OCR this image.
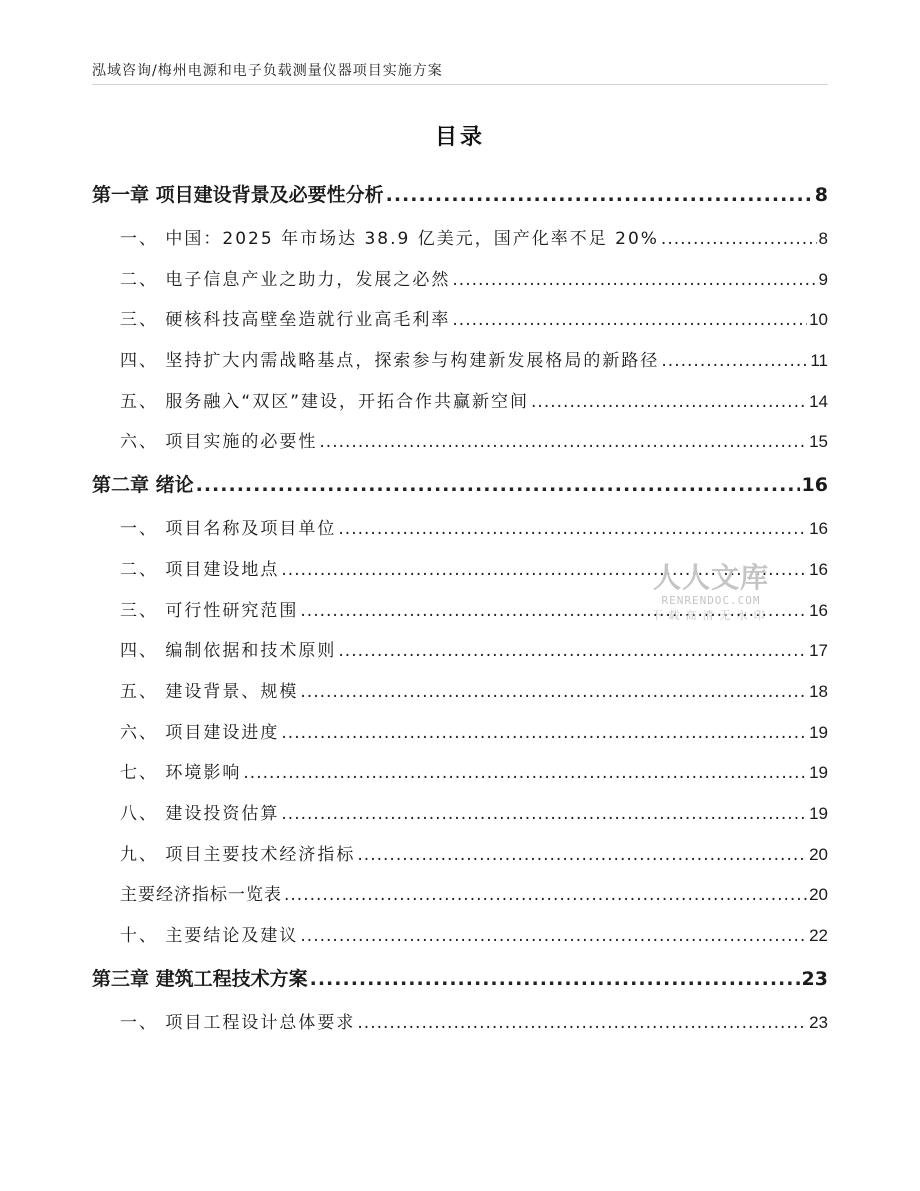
泓域咨询/梅州电源和电子负载测量仪器项目实施方案
目录
第一章 项目建设背景及必要性分析 .....	8
一、 中国：2025 年市场达 38.9 亿美元，国产化率不足 20% .....	8
二、 电子信息产业之助力，发展之必然 .....	9
三、 硬核科技高壁垒造就行业高毛利率 .....	10
四、 坚持扩大内需战略基点，探索参与构建新发展格局的新路径 .....	11
五、 服务融入“双区”建设，开拓合作共赢新空间 .....	14
六、 项目实施的必要性 .....	15
第二章 绪论 .....	16
一、 项目名称及项目单位 .....	16
二、 项目建设地点 .....	16
三、 可行性研究范围 .....	16
四、 编制依据和技术原则 .....	17
五、 建设背景、规模 .....	18
六、 项目建设进度 .....	19
七、 环境影响 .....	19
八、 建设投资估算 .....	19
九、 项目主要技术经济指标 .....	20
主要经济指标一览表 .....	20
十、 主要结论及建议 .....	22
第三章 建筑工程技术方案 .....	23
一、 项目工程设计总体要求 .....	23
人人文库
RENRENDOC.COM
下载高清无水印
